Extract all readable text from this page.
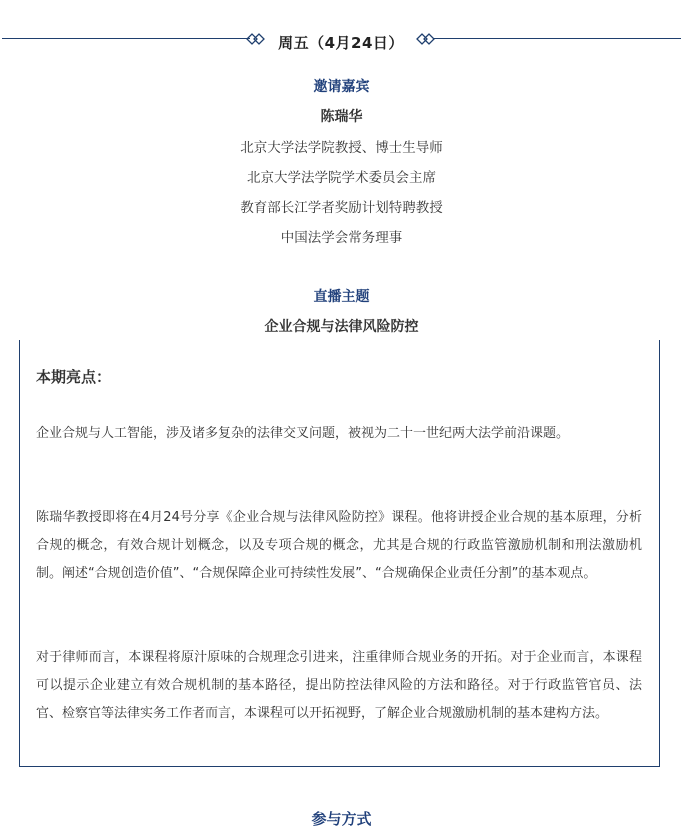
周五（4月24日）
邀请嘉宾
陈瑞华
北京大学法学院教授、博士生导师
北京大学法学院学术委员会主席
教育部长江学者奖励计划特聘教授
中国法学会常务理事
直播主题
企业合规与法律风险防控
本期亮点：

企业合规与人工智能，涉及诸多复杂的法律交叉问题，被视为二十一世纪两大法学前沿课题。

陈瑞华教授即将在4月24号分享《企业合规与法律风险防控》课程。他将讲授企业合规的基本原理，分析合规的概念，有效合规计划概念，以及专项合规的概念，尤其是合规的行政监管激励机制和刑法激励机制。阐述“合规创造价值”、“合规保障企业可持续性发展”、“合规确保企业责任分割”的基本观点。

对于律师而言，本课程将原汁原味的合规理念引进来，注重律师合规业务的开拓。对于企业而言，本课程可以提示企业建立有效合规机制的基本路径，提出防控法律风险的方法和路径。对于行政监管官员、法官、检察官等法律实务工作者而言，本课程可以开拓视野，了解企业合规激励机制的基本建构方法。

参与方式
